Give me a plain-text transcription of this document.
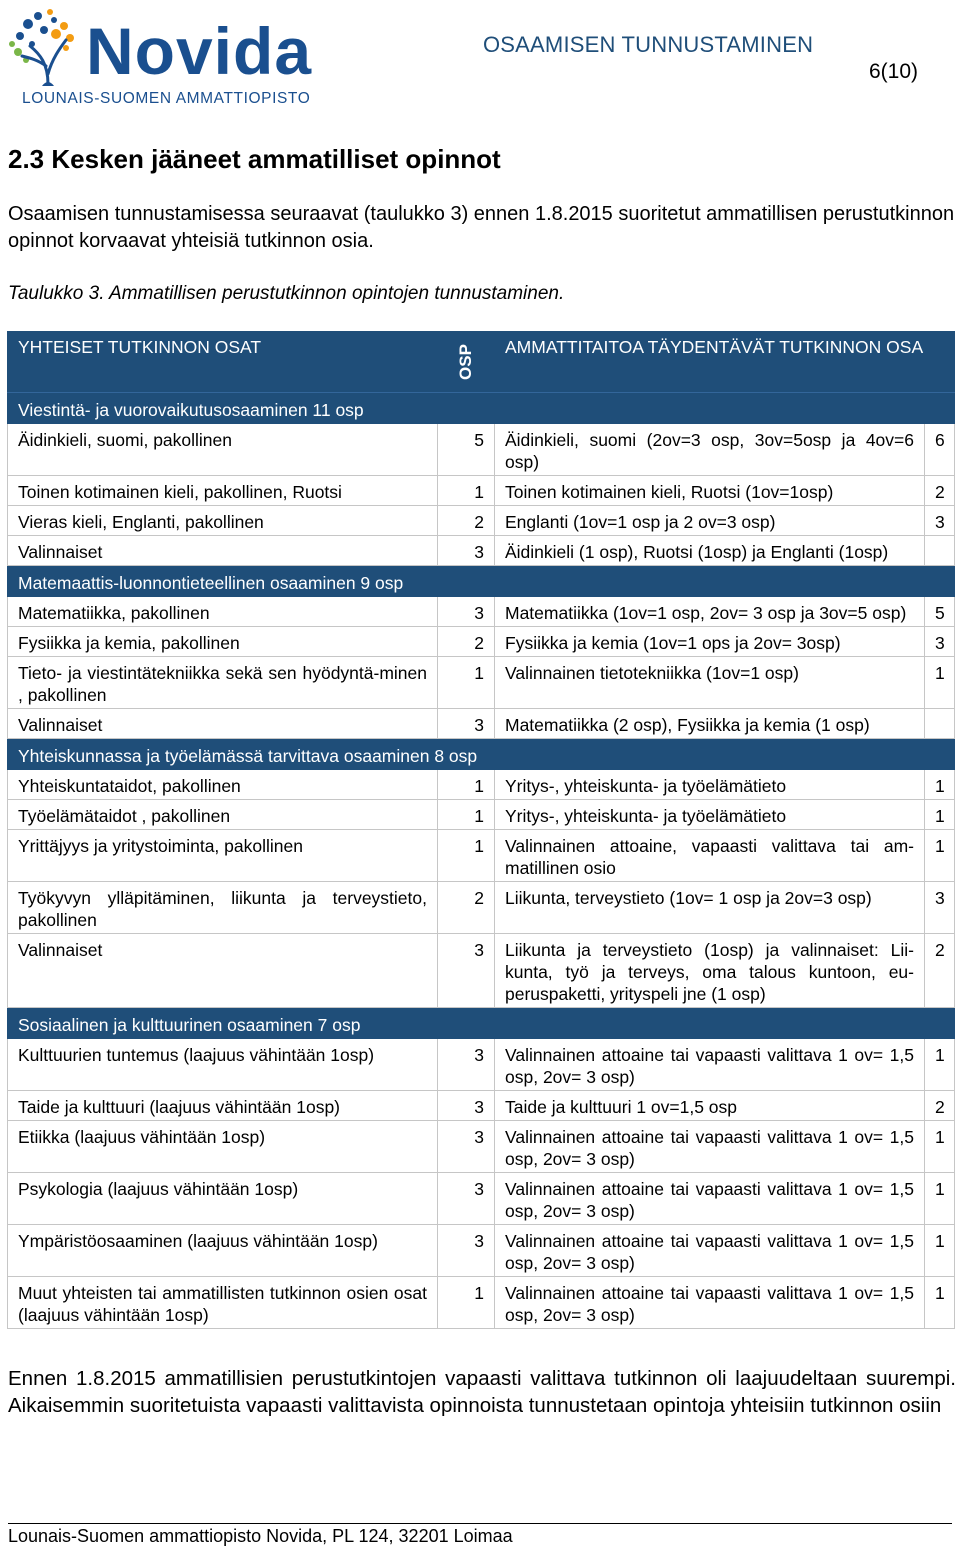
Novida
LOUNAIS-SUOMEN AMMATTIOPISTO
OSAAMISEN TUNNUSTAMINEN
6(10)
2.3 Kesken jääneet ammatilliset opinnot
Osaamisen tunnustamisessa seuraavat (taulukko 3) ennen 1.8.2015 suoritetut ammatillisen perustutkinnon opinnot korvaavat yhteisiä tutkinnon osia.
Taulukko 3. Ammatillisen perustutkinnon opintojen tunnustaminen.
YHTEISET TUTKINNON OSAT	OSP	AMMATTITAITOA TÄYDENTÄVÄT TUTKINNON OSA	
Viestintä- ja vuorovaikutusosaaminen 11 osp			
Äidinkieli, suomi, pakollinen	5	Äidinkieli, suomi (2ov=3 osp, 3ov=5osp ja 4ov=6 osp)	6
Toinen kotimainen kieli, pakollinen, Ruotsi	1	Toinen kotimainen kieli, Ruotsi (1ov=1osp)	2
Vieras kieli, Englanti, pakollinen	2	Englanti (1ov=1 osp ja 2 ov=3 osp)	3
Valinnaiset	3	Äidinkieli (1 osp), Ruotsi (1osp) ja Englanti (1osp)	
Matemaattis-luonnontieteellinen osaaminen 9 osp			
Matematiikka, pakollinen	3	Matematiikka (1ov=1 osp, 2ov= 3 osp ja 3ov=5 osp)	5
Fysiikka ja kemia, pakollinen	2	Fysiikka ja kemia (1ov=1 ops ja 2ov= 3osp)	3
Tieto- ja viestintätekniikka sekä sen hyödyntä-minen , pakollinen	1	Valinnainen tietotekniikka (1ov=1 osp)	1
Valinnaiset	3	Matematiikka (2 osp), Fysiikka ja kemia (1 osp)	
Yhteiskunnassa ja työelämässä tarvittava osaaminen 8 osp			
Yhteiskuntataidot, pakollinen	1	Yritys-, yhteiskunta- ja työelämätieto	1
Työelämätaidot , pakollinen	1	Yritys-, yhteiskunta- ja työelämätieto	1
Yrittäjyys ja yritystoiminta, pakollinen	1	Valinnainen attoaine, vapaasti valittava tai am-matillinen osio	1
Työkyvyn ylläpitäminen, liikunta ja terveystieto, pakollinen	2	Liikunta, terveystieto (1ov= 1 osp ja 2ov=3 osp)	3
Valinnaiset	3	Liikunta ja terveystieto (1osp) ja valinnaiset: Lii-kunta, työ ja terveys, oma talous kuntoon, eu-peruspaketti, yrityspeli jne (1 osp)	2
Sosiaalinen ja kulttuurinen osaaminen 7 osp			
Kulttuurien tuntemus (laajuus vähintään 1osp)	3	Valinnainen attoaine tai vapaasti valittava 1 ov= 1,5 osp, 2ov= 3 osp)	1
Taide ja kulttuuri (laajuus vähintään 1osp)	3	Taide ja kulttuuri 1 ov=1,5 osp	2
Etiikka (laajuus vähintään 1osp)	3	Valinnainen attoaine tai vapaasti valittava 1 ov= 1,5 osp, 2ov= 3 osp)	1
Psykologia (laajuus vähintään 1osp)	3	Valinnainen attoaine tai vapaasti valittava 1 ov= 1,5 osp, 2ov= 3 osp)	1
Ympäristöosaaminen (laajuus vähintään 1osp)	3	Valinnainen attoaine tai vapaasti valittava 1 ov= 1,5 osp, 2ov= 3 osp)	1
Muut yhteisten tai ammatillisten tutkinnon osien osat (laajuus vähintään 1osp)	1	Valinnainen attoaine tai vapaasti valittava 1 ov= 1,5 osp, 2ov= 3 osp)	1
Ennen 1.8.2015 ammatillisien perustutkintojen vapaasti valittava tutkinnon oli laajuudeltaan suurempi. Aikaisemmin suoritetuista vapaasti valittavista opinnoista tunnustetaan opintoja yhteisiin tutkinnon osiin
Lounais-Suomen ammattiopisto Novida, PL 124, 32201 Loimaa
